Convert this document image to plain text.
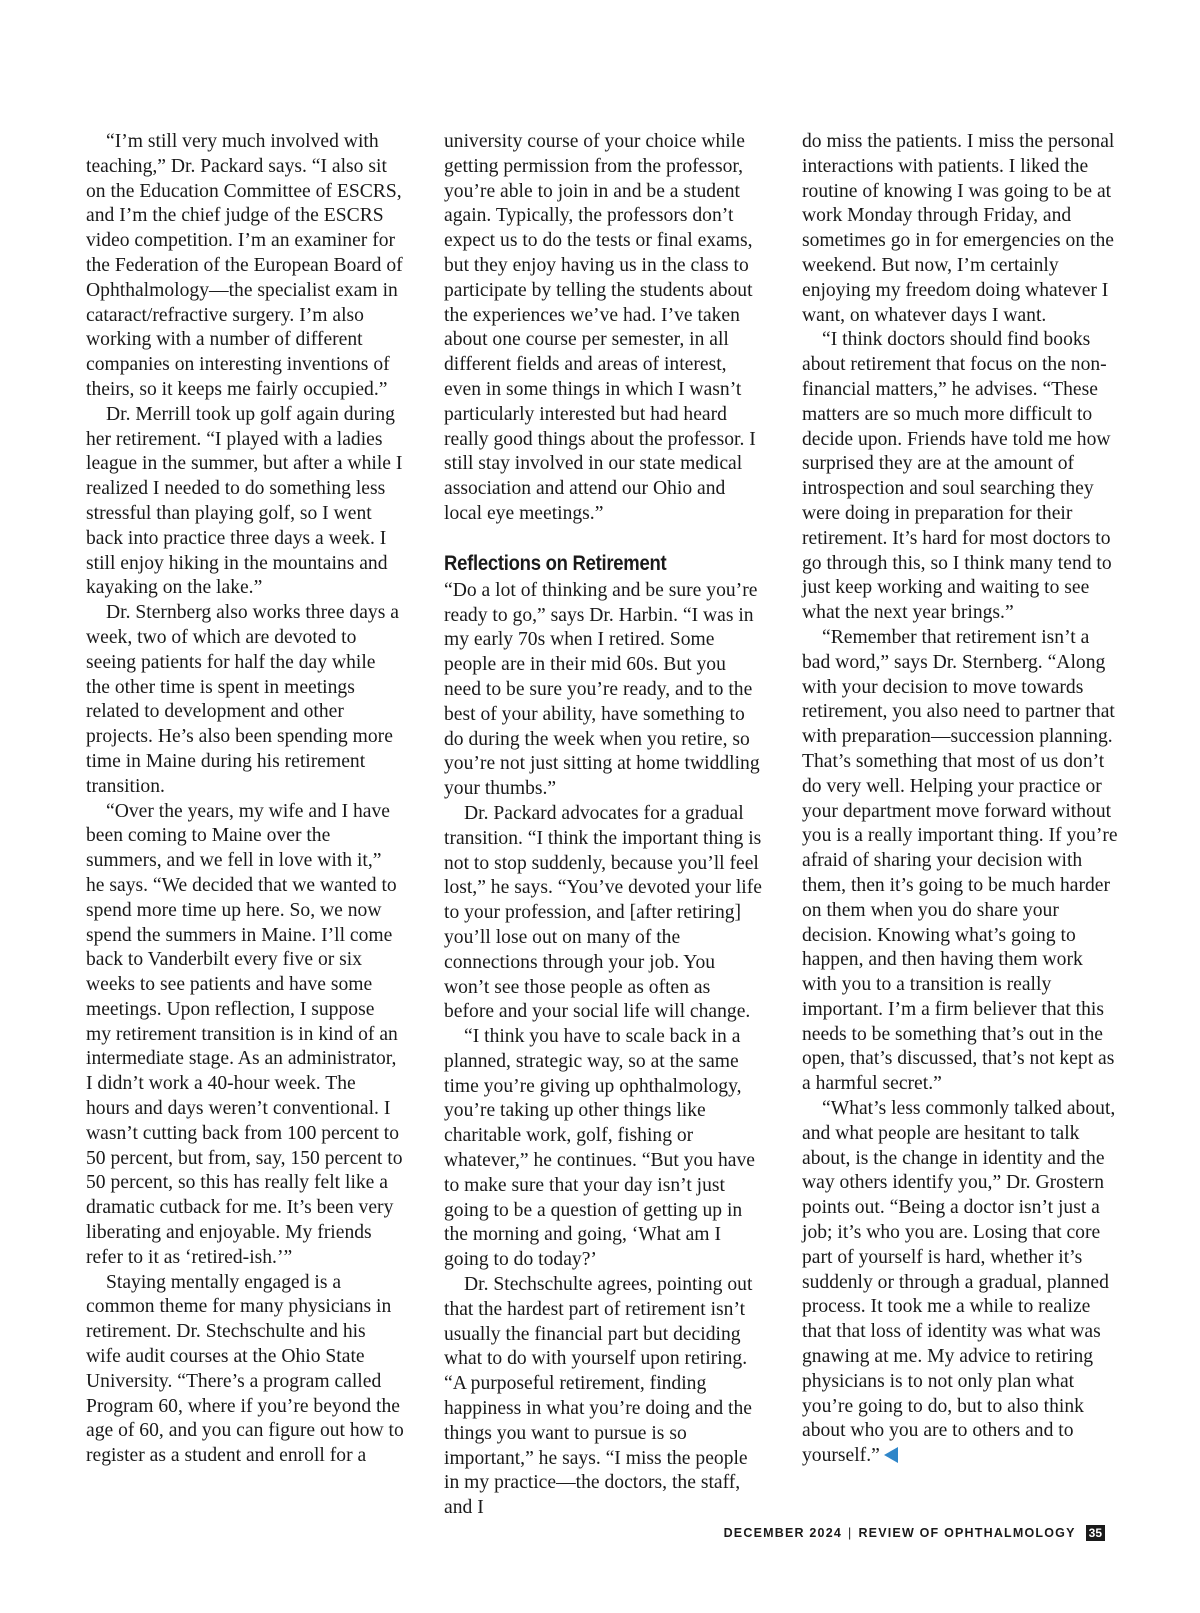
“I’m still very much involved with teaching,” Dr. Packard says. “I also sit on the Education Committee of ESCRS, and I’m the chief judge of the ESCRS video competition. I’m an examiner for the Federation of the European Board of Ophthalmology—the specialist exam in cataract/refractive surgery. I’m also working with a number of different companies on interesting inventions of theirs, so it keeps me fairly occupied.”

Dr. Merrill took up golf again during her retirement. “I played with a ladies league in the summer, but after a while I realized I needed to do something less stressful than playing golf, so I went back into practice three days a week. I still enjoy hiking in the mountains and kayaking on the lake.”

Dr. Sternberg also works three days a week, two of which are devoted to seeing patients for half the day while the other time is spent in meetings related to development and other projects. He’s also been spending more time in Maine during his retirement transition.

“Over the years, my wife and I have been coming to Maine over the summers, and we fell in love with it,” he says. “We decided that we wanted to spend more time up here. So, we now spend the summers in Maine. I’ll come back to Vanderbilt every five or six weeks to see patients and have some meetings. Upon reflection, I suppose my retirement transition is in kind of an intermediate stage. As an administrator, I didn’t work a 40-hour week. The hours and days weren’t conventional. I wasn’t cutting back from 100 percent to 50 percent, but from, say, 150 percent to 50 percent, so this has really felt like a dramatic cutback for me. It’s been very liberating and enjoyable. My friends refer to it as ‘retired-ish.’”

Staying mentally engaged is a common theme for many physicians in retirement. Dr. Stechschulte and his wife audit courses at the Ohio State University. “There’s a program called Program 60, where if you’re beyond the age of 60, and you can figure out how to register as a student and enroll for a

university course of your choice while getting permission from the professor, you’re able to join in and be a student again. Typically, the professors don’t expect us to do the tests or final exams, but they enjoy having us in the class to participate by telling the students about the experiences we’ve had. I’ve taken about one course per semester, in all different fields and areas of interest, even in some things in which I wasn’t particularly interested but had heard really good things about the professor. I still stay involved in our state medical association and attend our Ohio and local eye meetings.”

Reflections on Retirement

“Do a lot of thinking and be sure you’re ready to go,” says Dr. Harbin. “I was in my early 70s when I retired. Some people are in their mid 60s. But you need to be sure you’re ready, and to the best of your ability, have something to do during the week when you retire, so you’re not just sitting at home twiddling your thumbs.”

Dr. Packard advocates for a gradual transition. “I think the important thing is not to stop suddenly, because you’ll feel lost,” he says. “You’ve devoted your life to your profession, and [after retiring] you’ll lose out on many of the connections through your job. You won’t see those people as often as before and your social life will change.

“I think you have to scale back in a planned, strategic way, so at the same time you’re giving up ophthalmology, you’re taking up other things like charitable work, golf, fishing or whatever,” he continues. “But you have to make sure that your day isn’t just going to be a question of getting up in the morning and going, ‘What am I going to do today?’

Dr. Stechschulte agrees, pointing out that the hardest part of retirement isn’t usually the financial part but deciding what to do with yourself upon retiring. “A purposeful retirement, finding happiness in what you’re doing and the things you want to pursue is so important,” he says. “I miss the people in my practice—the doctors, the staff, and I

do miss the patients. I miss the personal interactions with patients. I liked the routine of knowing I was going to be at work Monday through Friday, and sometimes go in for emergencies on the weekend. But now, I’m certainly enjoying my freedom doing whatever I want, on whatever days I want.

“I think doctors should find books about retirement that focus on the non-financial matters,” he advises. “These matters are so much more difficult to decide upon. Friends have told me how surprised they are at the amount of introspection and soul searching they were doing in preparation for their retirement. It’s hard for most doctors to go through this, so I think many tend to just keep working and waiting to see what the next year brings.”

“Remember that retirement isn’t a bad word,” says Dr. Sternberg. “Along with your decision to move towards retirement, you also need to partner that with preparation—succession planning. That’s something that most of us don’t do very well. Helping your practice or your department move forward without you is a really important thing. If you’re afraid of sharing your decision with them, then it’s going to be much harder on them when you do share your decision. Knowing what’s going to happen, and then having them work with you to a transition is really important. I’m a firm believer that this needs to be something that’s out in the open, that’s discussed, that’s not kept as a harmful secret.”

“What’s less commonly talked about, and what people are hesitant to talk about, is the change in identity and the way others identify you,” Dr. Grostern points out. “Being a doctor isn’t just a job; it’s who you are. Losing that core part of yourself is hard, whether it’s suddenly or through a gradual, planned process. It took me a while to realize that that loss of identity was what was gnawing at me. My advice to retiring physicians is to not only plan what you’re going to do, but to also think about who you are to others and to yourself.”

DECEMBER 2024 | REVIEW OF OPHTHALMOLOGY 35
